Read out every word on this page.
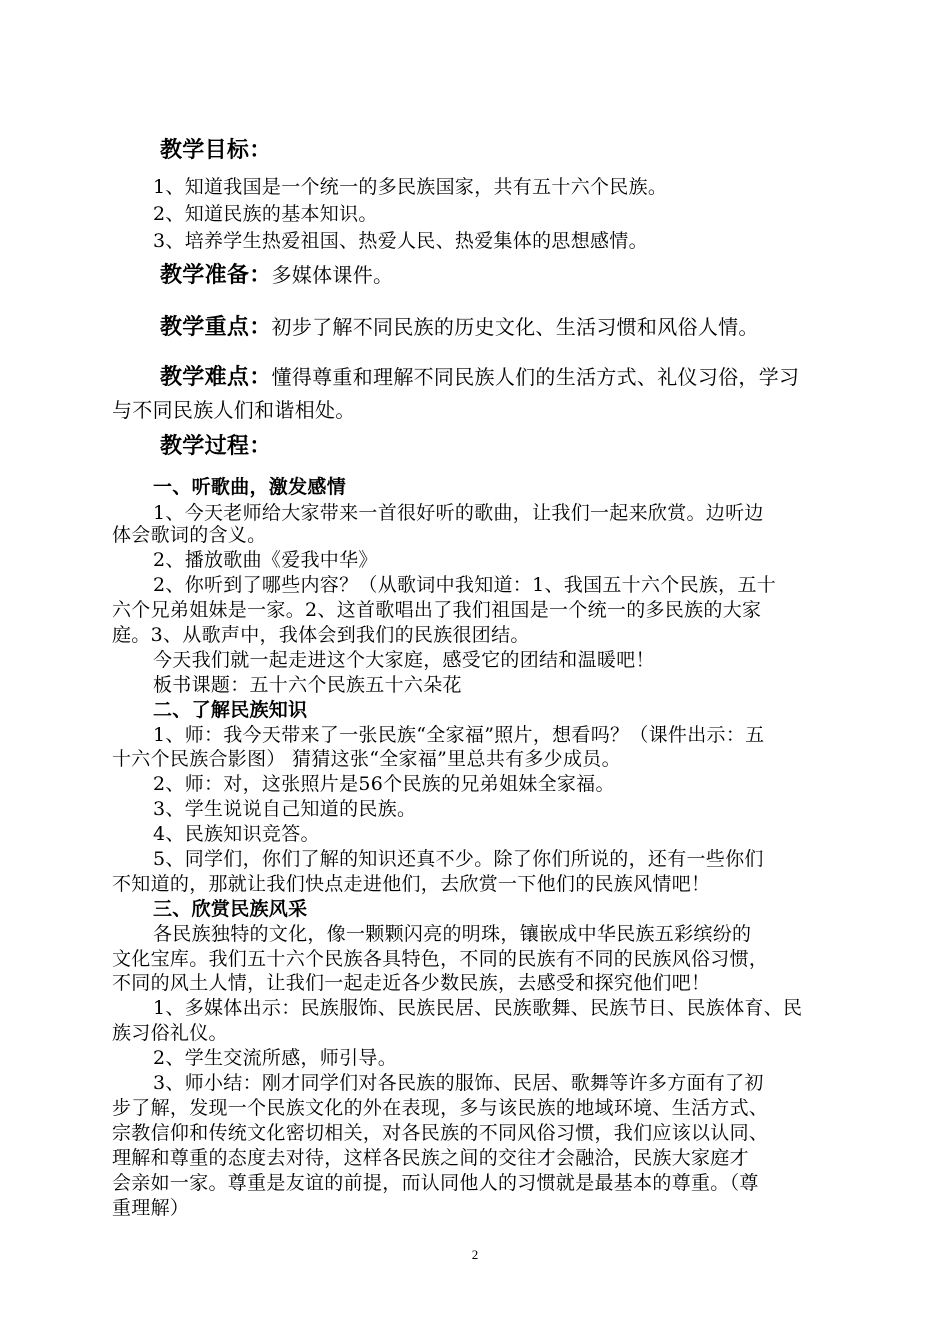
教学目标：
1、知道我国是一个统一的多民族国家，共有五十六个民族。
2、知道民族的基本知识。
3、培养学生热爱祖国、热爱人民、热爱集体的思想感情。
教学准备：多媒体课件。
教学重点：初步了解不同民族的历史文化、生活习惯和风俗人情。
教学难点：懂得尊重和理解不同民族人们的生活方式、礼仪习俗，学习
与不同民族人们和谐相处。
教学过程：
一、听歌曲，激发感情
1、今天老师给大家带来一首很好听的歌曲，让我们一起来欣赏。边听边
体会歌词的含义。
2、播放歌曲《爱我中华》
2、你听到了哪些内容？（从歌词中我知道：1、我国五十六个民族，五十
六个兄弟姐妹是一家。2、这首歌唱出了我们祖国是一个统一的多民族的大家
庭。3、从歌声中，我体会到我们的民族很团结。
今天我们就一起走进这个大家庭，感受它的团结和温暖吧！
板书课题：五十六个民族五十六朵花
二、了解民族知识
1、师：我今天带来了一张民族“全家福”照片，想看吗？（课件出示：五
十六个民族合影图） 猜猜这张“全家福”里总共有多少成员。
2、师：对，这张照片是56个民族的兄弟姐妹全家福。
3、学生说说自己知道的民族。
4、民族知识竞答。
5、同学们，你们了解的知识还真不少。除了你们所说的，还有一些你们
不知道的，那就让我们快点走进他们，去欣赏一下他们的民族风情吧！
三、欣赏民族风采
各民族独特的文化，像一颗颗闪亮的明珠，镶嵌成中华民族五彩缤纷的
文化宝库。我们五十六个民族各具特色，不同的民族有不同的民族风俗习惯，
不同的风土人情，让我们一起走近各少数民族，去感受和探究他们吧！
1、多媒体出示：民族服饰、民族民居、民族歌舞、民族节日、民族体育、民
族习俗礼仪。
2、学生交流所感，师引导。
3、师小结：刚才同学们对各民族的服饰、民居、歌舞等许多方面有了初
步了解，发现一个民族文化的外在表现，多与该民族的地域环境、生活方式、
宗教信仰和传统文化密切相关，对各民族的不同风俗习惯，我们应该以认同、
理解和尊重的态度去对待，这样各民族之间的交往才会融洽，民族大家庭才
会亲如一家。尊重是友谊的前提，而认同他人的习惯就是最基本的尊重。（尊
重理解）
2
